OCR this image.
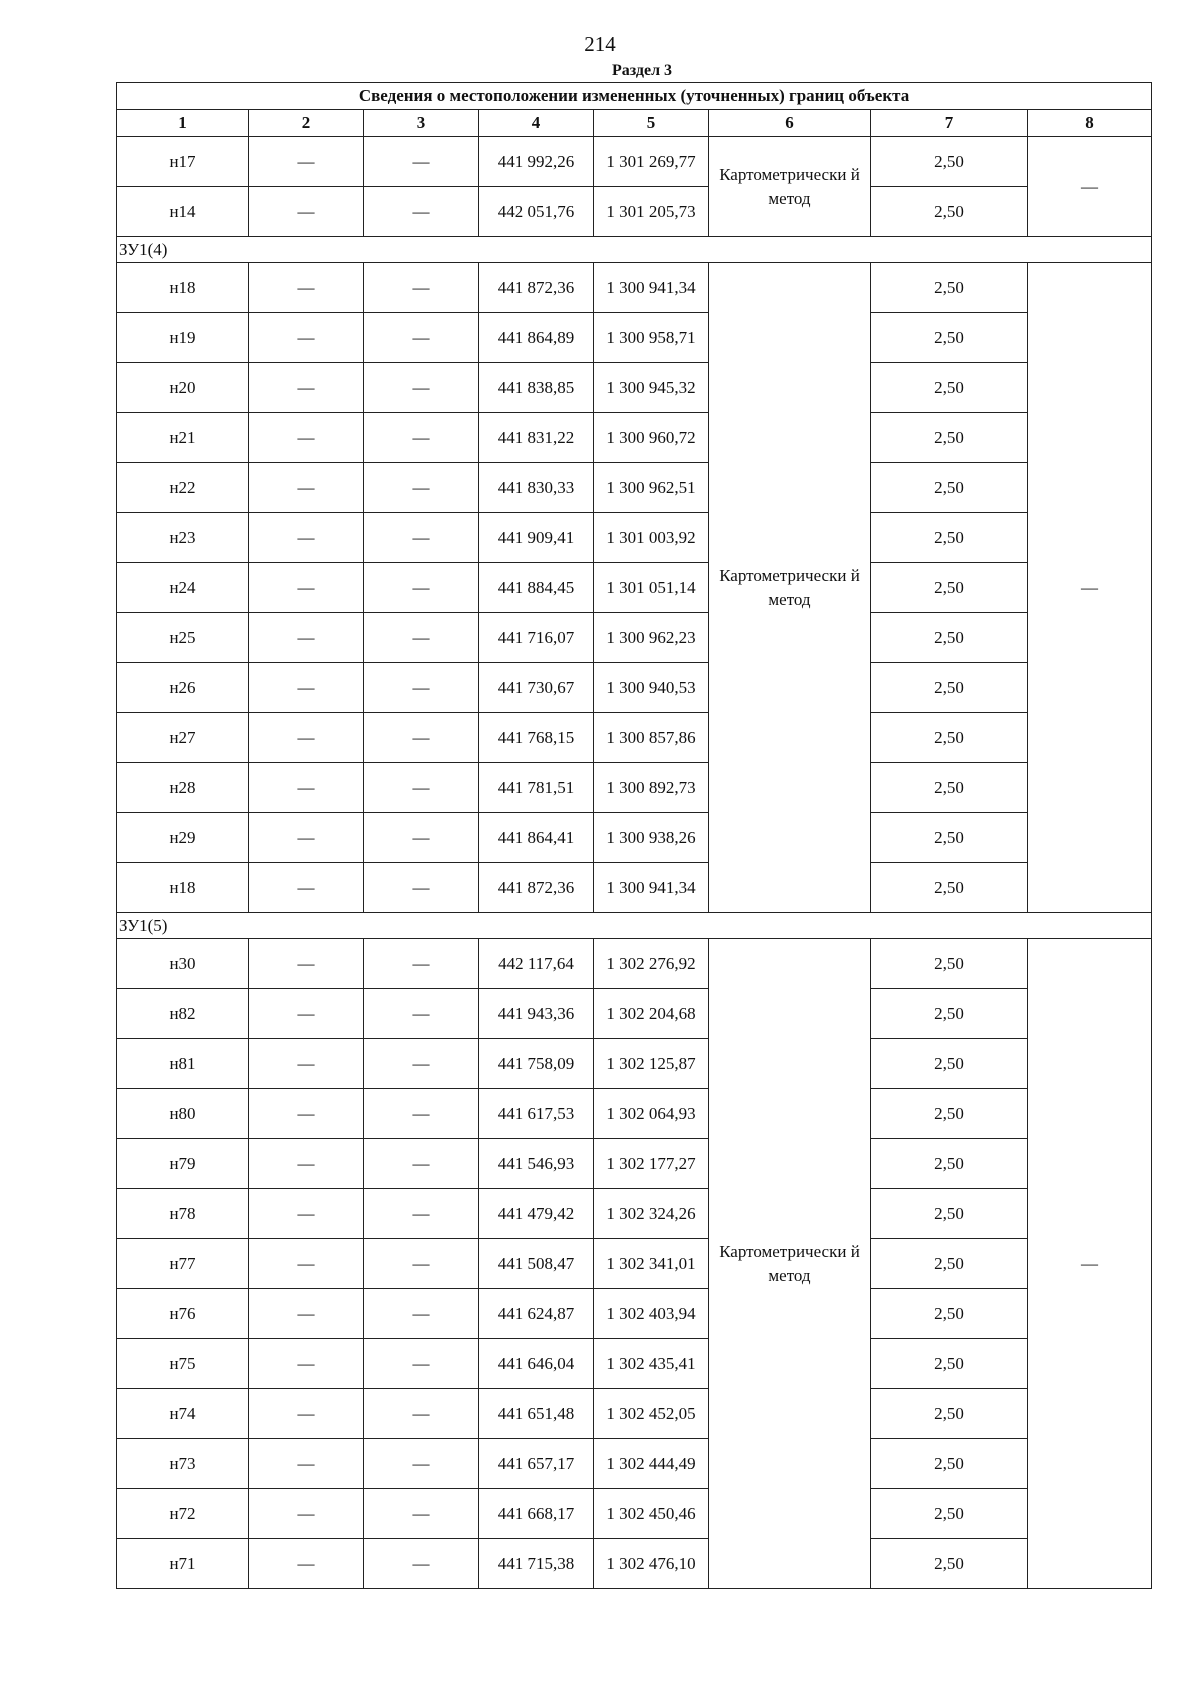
214
Раздел 3
Сведения о местоположении измененных (уточненных) границ объекта							
1	2	3	4	5	6	7	8
н17	—	—	441 992,26	1 301 269,77	Картометрически й метод	2,50	—
н14	—	—	442 051,76	1 301 205,73		2,50	
ЗУ1(4)							
н18	—	—	441 872,36	1 300 941,34	Картометрически й метод	2,50	—
н19	—	—	441 864,89	1 300 958,71		2,50	
н20	—	—	441 838,85	1 300 945,32		2,50	
н21	—	—	441 831,22	1 300 960,72		2,50	
н22	—	—	441 830,33	1 300 962,51		2,50	
н23	—	—	441 909,41	1 301 003,92		2,50	
н24	—	—	441 884,45	1 301 051,14		2,50	
н25	—	—	441 716,07	1 300 962,23		2,50	
н26	—	—	441 730,67	1 300 940,53		2,50	
н27	—	—	441 768,15	1 300 857,86		2,50	
н28	—	—	441 781,51	1 300 892,73		2,50	
н29	—	—	441 864,41	1 300 938,26		2,50	
н18	—	—	441 872,36	1 300 941,34		2,50	
ЗУ1(5)							
н30	—	—	442 117,64	1 302 276,92	Картометрически й метод	2,50	—
н82	—	—	441 943,36	1 302 204,68		2,50	
н81	—	—	441 758,09	1 302 125,87		2,50	
н80	—	—	441 617,53	1 302 064,93		2,50	
н79	—	—	441 546,93	1 302 177,27		2,50	
н78	—	—	441 479,42	1 302 324,26		2,50	
н77	—	—	441 508,47	1 302 341,01		2,50	
н76	—	—	441 624,87	1 302 403,94		2,50	
н75	—	—	441 646,04	1 302 435,41		2,50	
н74	—	—	441 651,48	1 302 452,05		2,50	
н73	—	—	441 657,17	1 302 444,49		2,50	
н72	—	—	441 668,17	1 302 450,46		2,50	
н71	—	—	441 715,38	1 302 476,10		2,50	
